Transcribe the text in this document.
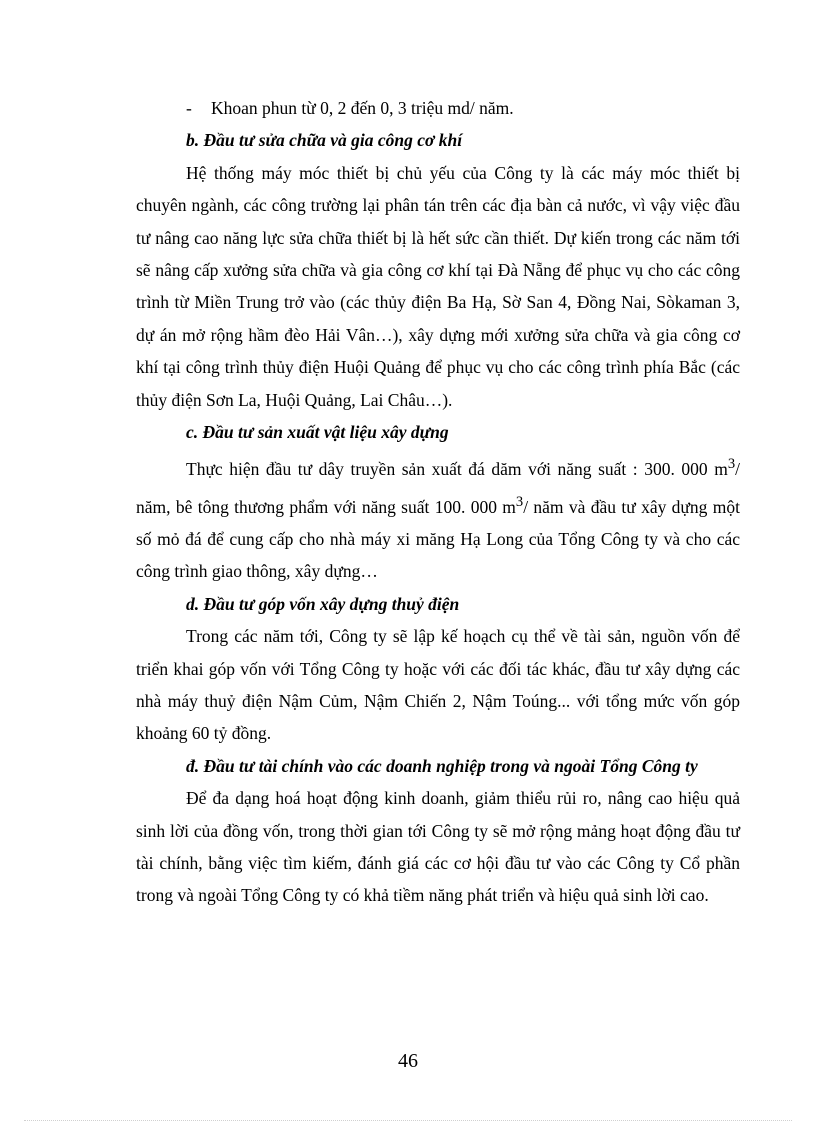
- Khoan phun từ 0, 2 đến 0, 3 triệu md/ năm.

b. Đầu tư sửa chữa và gia công cơ khí

Hệ thống máy móc thiết bị chủ yếu của Công ty là các máy móc thiết bị chuyên ngành, các công trường lại phân tán trên các địa bàn cả nước, vì vậy việc đầu tư nâng cao năng lực sửa chữa thiết bị là hết sức cần thiết. Dự kiến trong các năm tới sẽ nâng cấp xưởng sửa chữa và gia công cơ khí tại Đà Nẵng để phục vụ cho các công trình từ Miền Trung trở vào (các thủy điện Ba Hạ, Sờ San 4, Đồng Nai, Sòkaman 3, dự án mở rộng hầm đèo Hải Vân…), xây dựng mới xưởng sửa chữa và gia công cơ khí tại công trình thủy điện Huội Quảng để phục vụ cho các công trình phía Bắc (các thủy điện Sơn La, Huội Quảng, Lai Châu…).

c. Đầu tư sản xuất vật liệu xây dựng

Thực hiện đầu tư dây truyền sản xuất đá dăm với năng suất : 300. 000 $m^3/$ năm, bê tông thương phẩm với năng suất 100. 000 $m^3/$ năm và đầu tư xây dựng một số mỏ đá để cung cấp cho nhà máy xi măng Hạ Long của Tổng Công ty và cho các công trình giao thông, xây dựng…

d. Đầu tư góp vốn xây dựng thuỷ điện

Trong các năm tới, Công ty sẽ lập kế hoạch cụ thể về tài sản, nguồn vốn để triển khai góp vốn với Tổng Công ty hoặc với các đối tác khác, đầu tư xây dựng các nhà máy thuỷ điện Nậm Củm, Nậm Chiến 2, Nậm Toúng... với tổng mức vốn góp khoảng 60 tỷ đồng.

đ. Đầu tư tài chính vào các doanh nghiệp trong và ngoài Tổng Công ty

Để đa dạng hoá hoạt động kinh doanh, giảm thiểu rủi ro, nâng cao hiệu quả sinh lời của đồng vốn, trong thời gian tới Công ty sẽ mở rộng mảng hoạt động đầu tư tài chính, bằng việc tìm kiếm, đánh giá các cơ hội đầu tư vào các Công ty Cổ phần trong và ngoài Tổng Công ty có khả tiềm năng phát triển và hiệu quả sinh lời cao.

46
